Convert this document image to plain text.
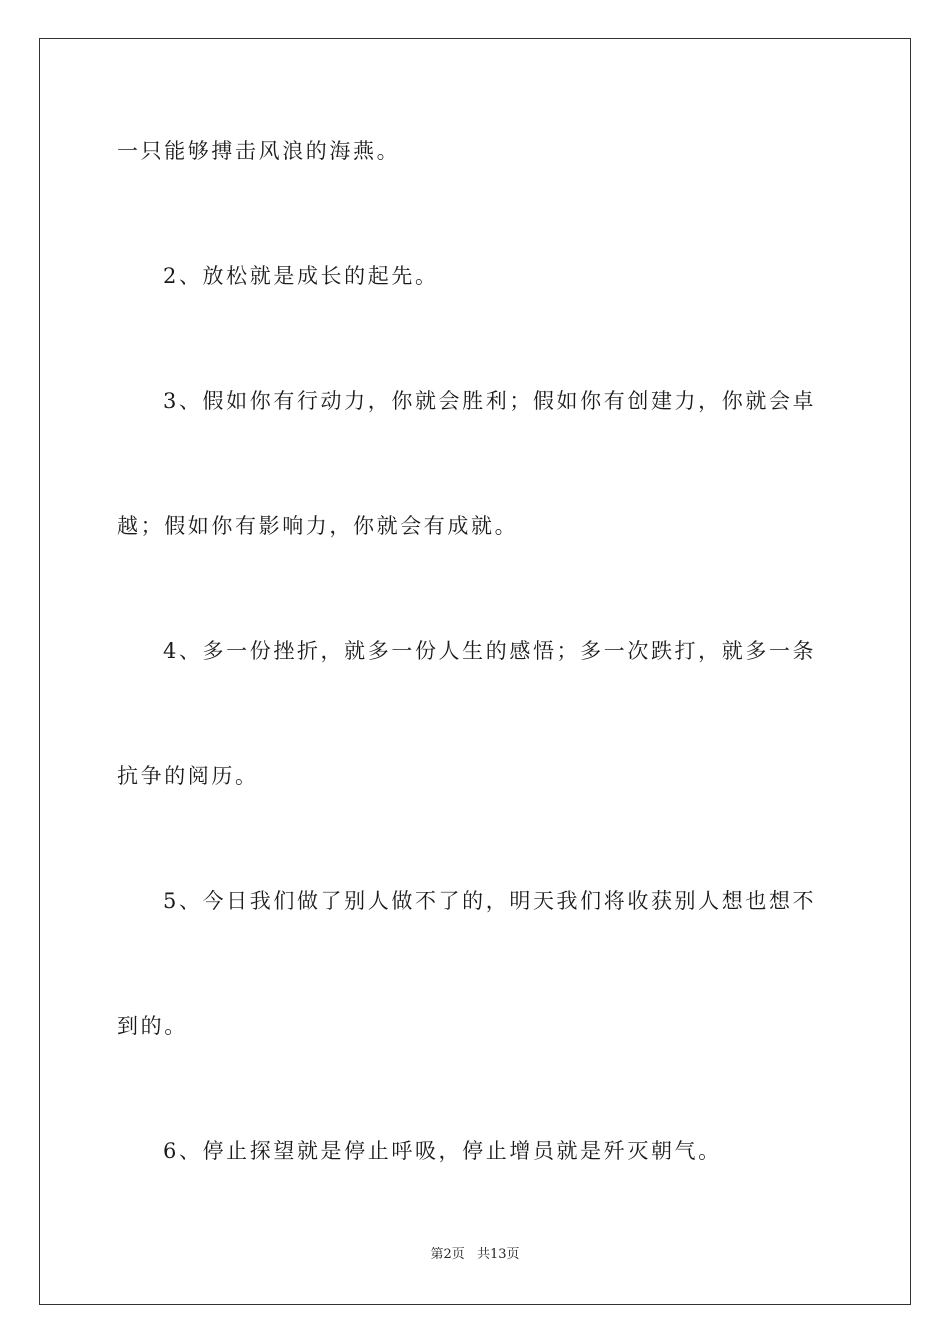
一只能够搏击风浪的海燕。

2、放松就是成长的起先。

3、假如你有行动力，你就会胜利；假如你有创建力，你就会卓

越；假如你有影响力，你就会有成就。

4、多一份挫折，就多一份人生的感悟；多一次跌打，就多一条

抗争的阅历。

5、今日我们做了别人做不了的，明天我们将收获别人想也想不

到的。

6、停止探望就是停止呼吸，停止增员就是歼灭朝气。

第2页 共13页
